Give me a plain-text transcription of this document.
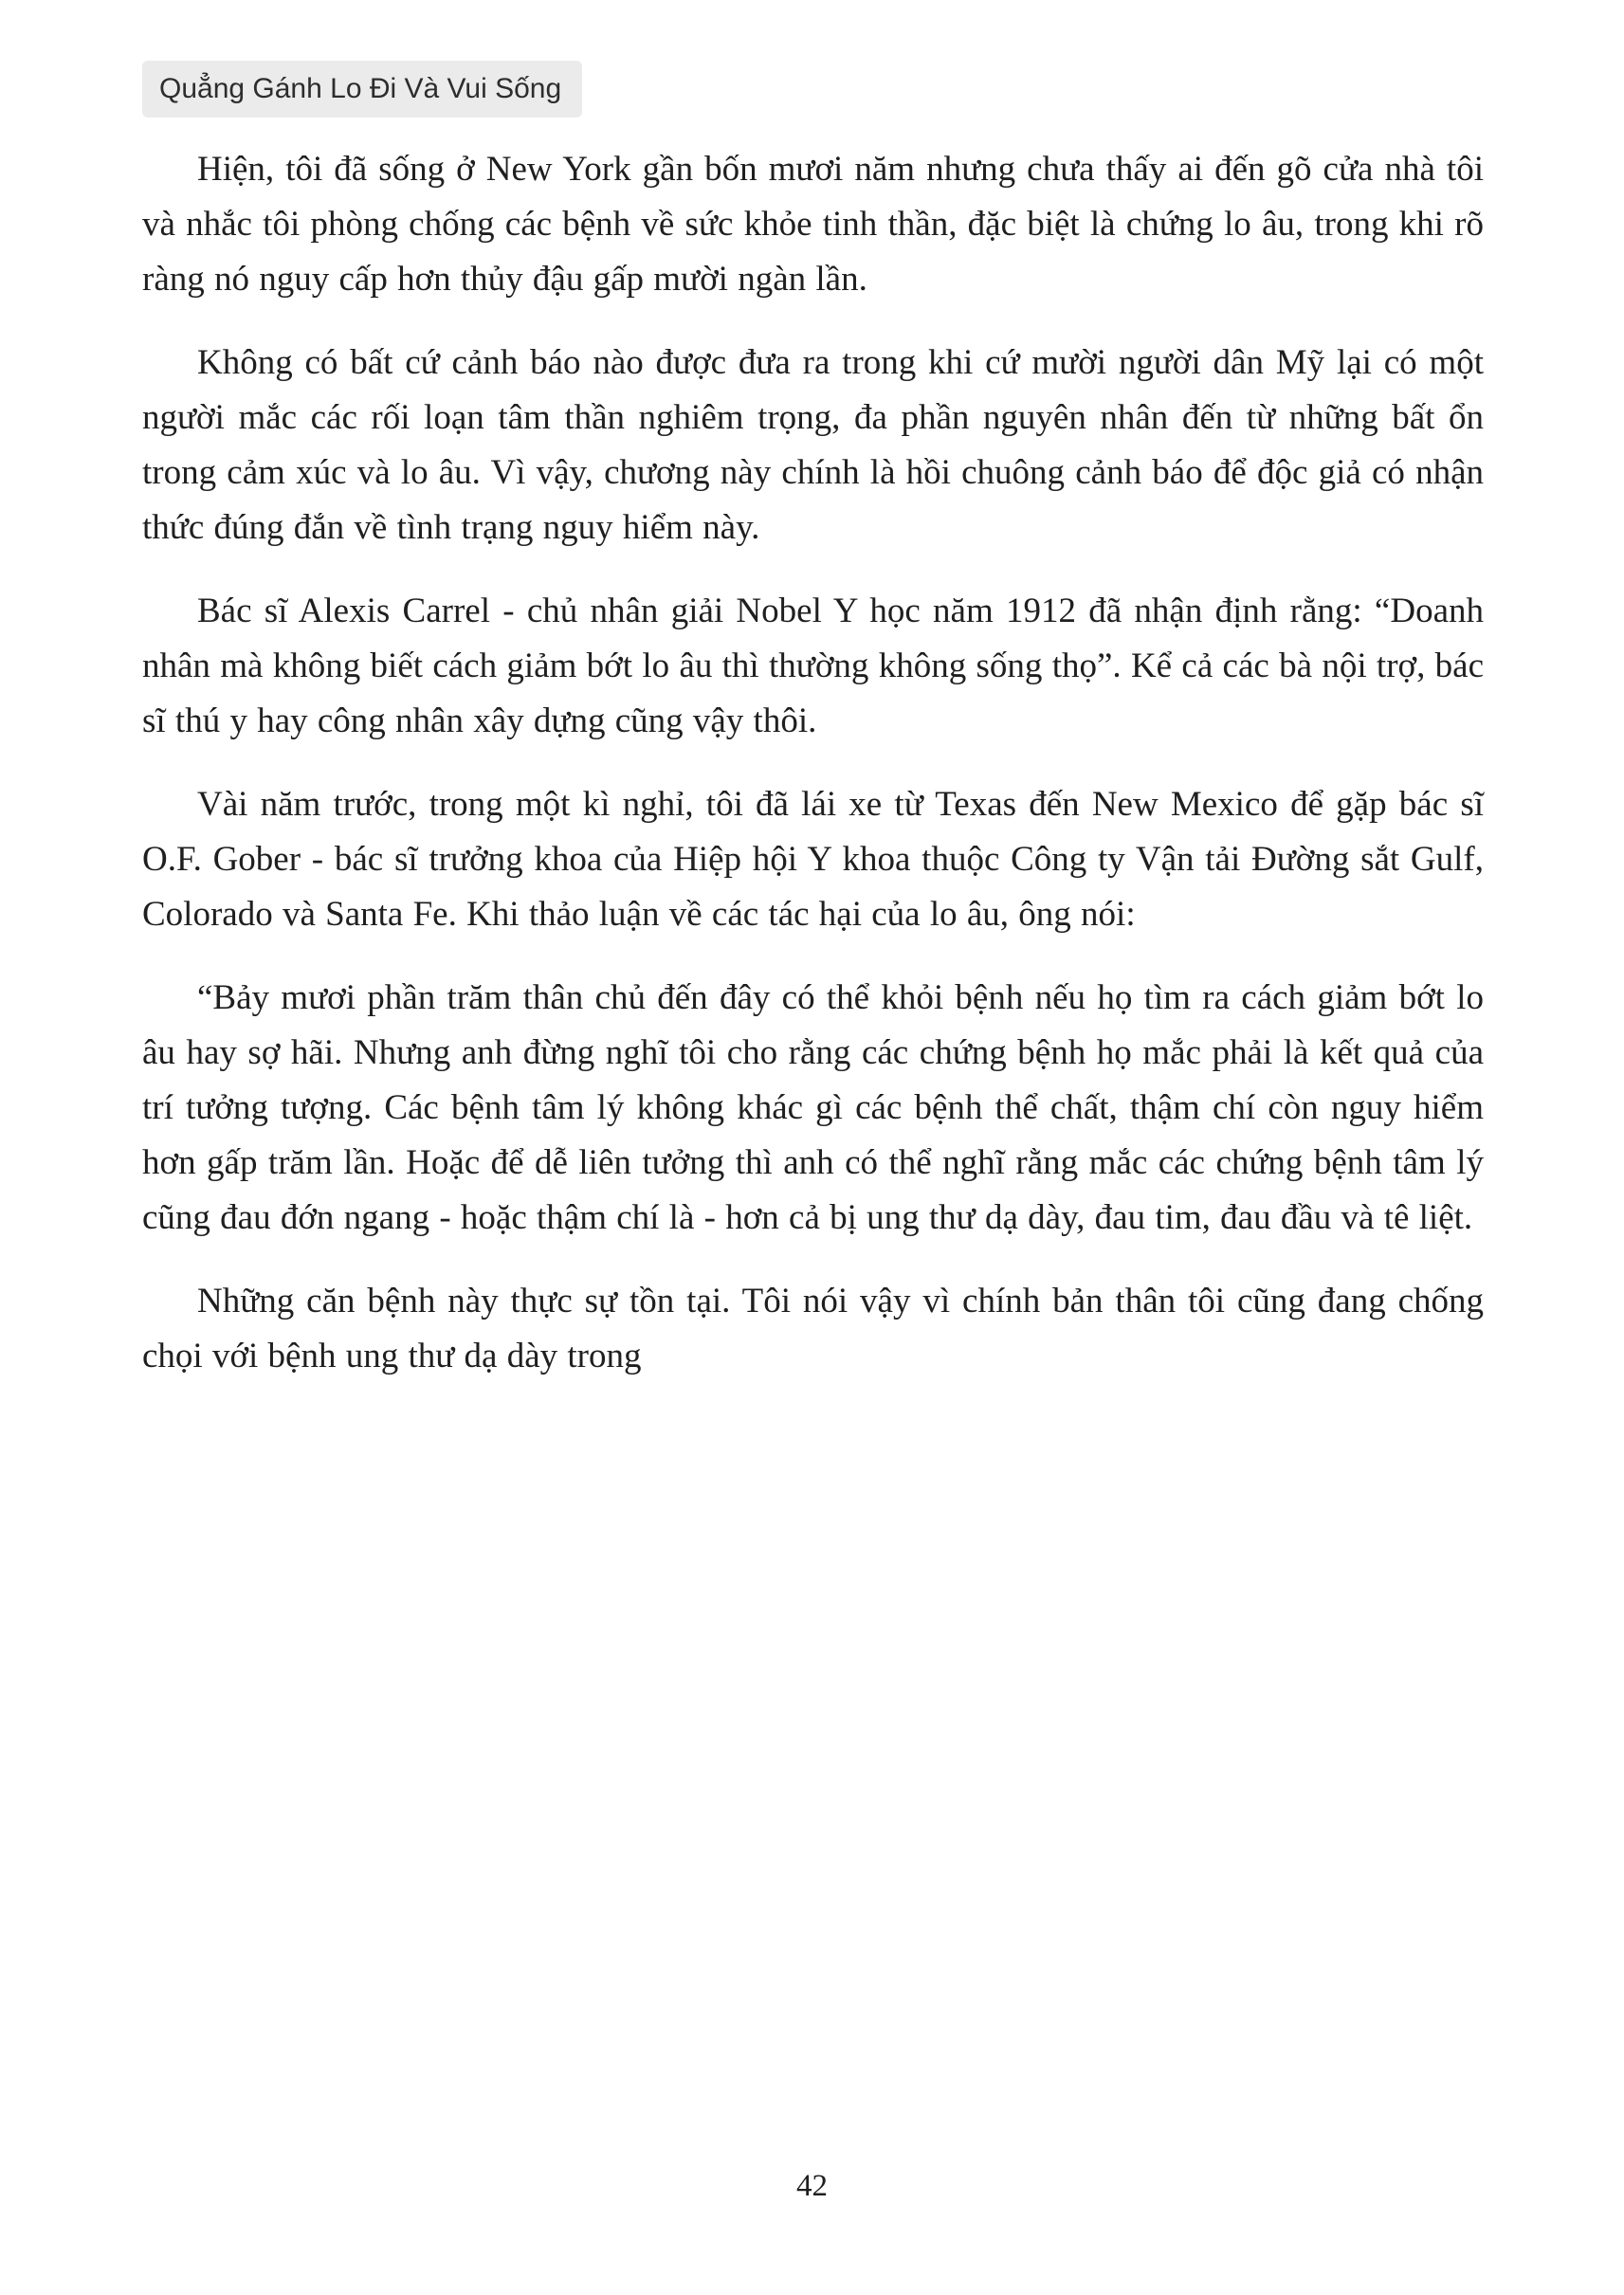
Quẳng Gánh Lo Đi Và Vui Sống

Hiện, tôi đã sống ở New York gần bốn mươi năm nhưng chưa thấy ai đến gõ cửa nhà tôi và nhắc tôi phòng chống các bệnh về sức khỏe tinh thần, đặc biệt là chứng lo âu, trong khi rõ ràng nó nguy cấp hơn thủy đậu gấp mười ngàn lần.

Không có bất cứ cảnh báo nào được đưa ra trong khi cứ mười người dân Mỹ lại có một người mắc các rối loạn tâm thần nghiêm trọng, đa phần nguyên nhân đến từ những bất ổn trong cảm xúc và lo âu. Vì vậy, chương này chính là hồi chuông cảnh báo để độc giả có nhận thức đúng đắn về tình trạng nguy hiểm này.

Bác sĩ Alexis Carrel - chủ nhân giải Nobel Y học năm 1912 đã nhận định rằng: “Doanh nhân mà không biết cách giảm bớt lo âu thì thường không sống thọ”. Kể cả các bà nội trợ, bác sĩ thú y hay công nhân xây dựng cũng vậy thôi.

Vài năm trước, trong một kì nghỉ, tôi đã lái xe từ Texas đến New Mexico để gặp bác sĩ O.F. Gober - bác sĩ trưởng khoa của Hiệp hội Y khoa thuộc Công ty Vận tải Đường sắt Gulf, Colorado và Santa Fe. Khi thảo luận về các tác hại của lo âu, ông nói:

“Bảy mươi phần trăm thân chủ đến đây có thể khỏi bệnh nếu họ tìm ra cách giảm bớt lo âu hay sợ hãi. Nhưng anh đừng nghĩ tôi cho rằng các chứng bệnh họ mắc phải là kết quả của trí tưởng tượng. Các bệnh tâm lý không khác gì các bệnh thể chất, thậm chí còn nguy hiểm hơn gấp trăm lần. Hoặc để dễ liên tưởng thì anh có thể nghĩ rằng mắc các chứng bệnh tâm lý cũng đau đớn ngang - hoặc thậm chí là - hơn cả bị ung thư dạ dày, đau tim, đau đầu và tê liệt.

Những căn bệnh này thực sự tồn tại. Tôi nói vậy vì chính bản thân tôi cũng đang chống chọi với bệnh ung thư dạ dày trong

42
